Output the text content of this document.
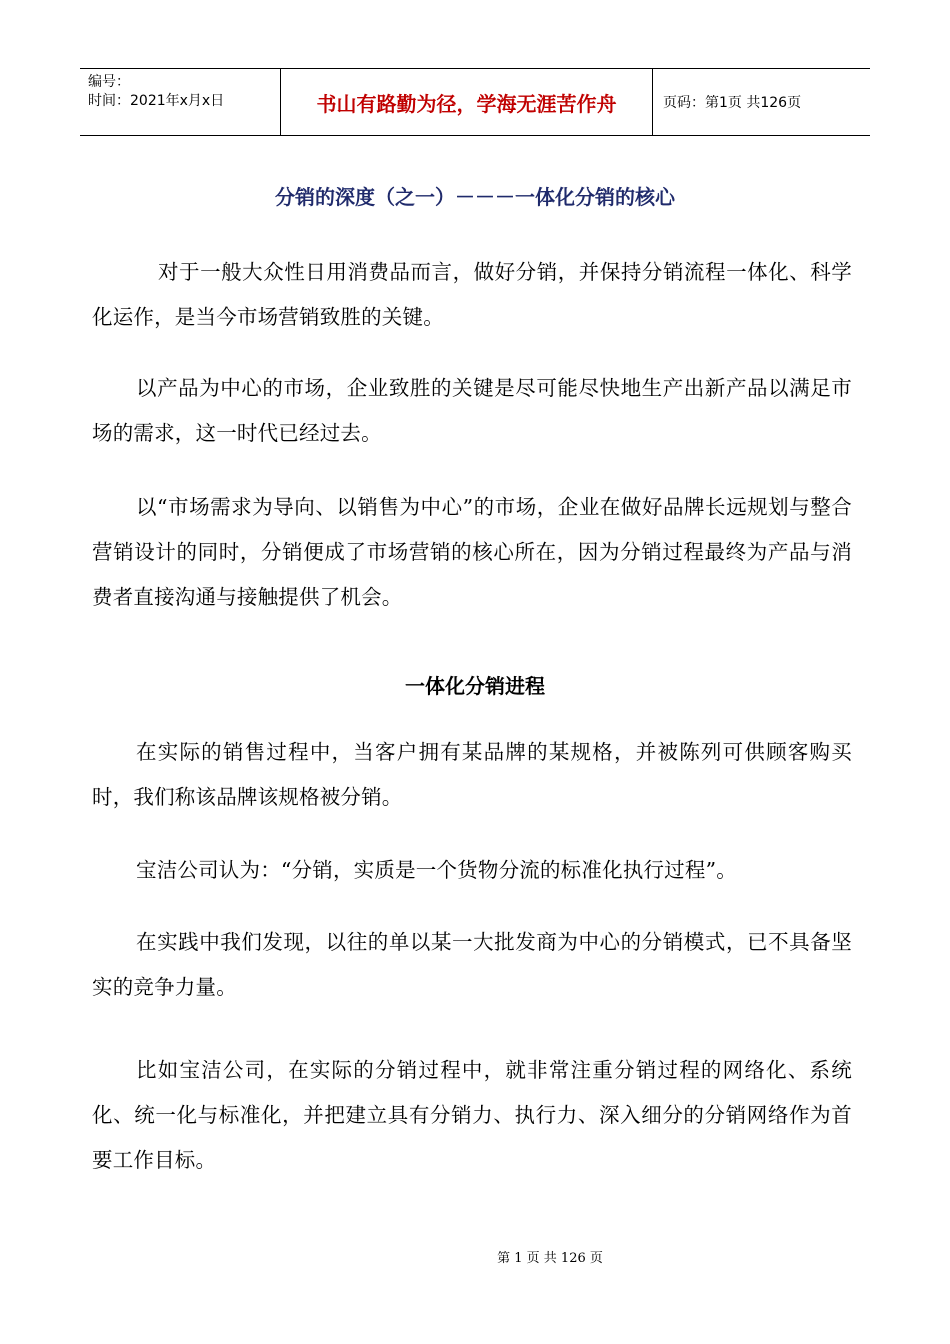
编号：
时间：2021年x月x日	书山有路勤为径，学海无涯苦作舟	页码：第1页 共126页
分销的深度（之一）－－－一体化分销的核心

对于一般大众性日用消费品而言，做好分销，并保持分销流程一体化、科学化运作，是当今市场营销致胜的关键。

以产品为中心的市场，企业致胜的关键是尽可能尽快地生产出新产品以满足市场的需求，这一时代已经过去。

以“市场需求为导向、以销售为中心”的市场，企业在做好品牌长远规划与整合营销设计的同时，分销便成了市场营销的核心所在，因为分销过程最终为产品与消费者直接沟通与接触提供了机会。

一体化分销进程

在实际的销售过程中，当客户拥有某品牌的某规格，并被陈列可供顾客购买时，我们称该品牌该规格被分销。

宝洁公司认为：“分销，实质是一个货物分流的标准化执行过程”。

在实践中我们发现，以往的单以某一大批发商为中心的分销模式，已不具备坚实的竞争力量。

比如宝洁公司，在实际的分销过程中，就非常注重分销过程的网络化、系统化、统一化与标准化，并把建立具有分销力、执行力、深入细分的分销网络作为首要工作目标。

第 1 页 共 126 页
